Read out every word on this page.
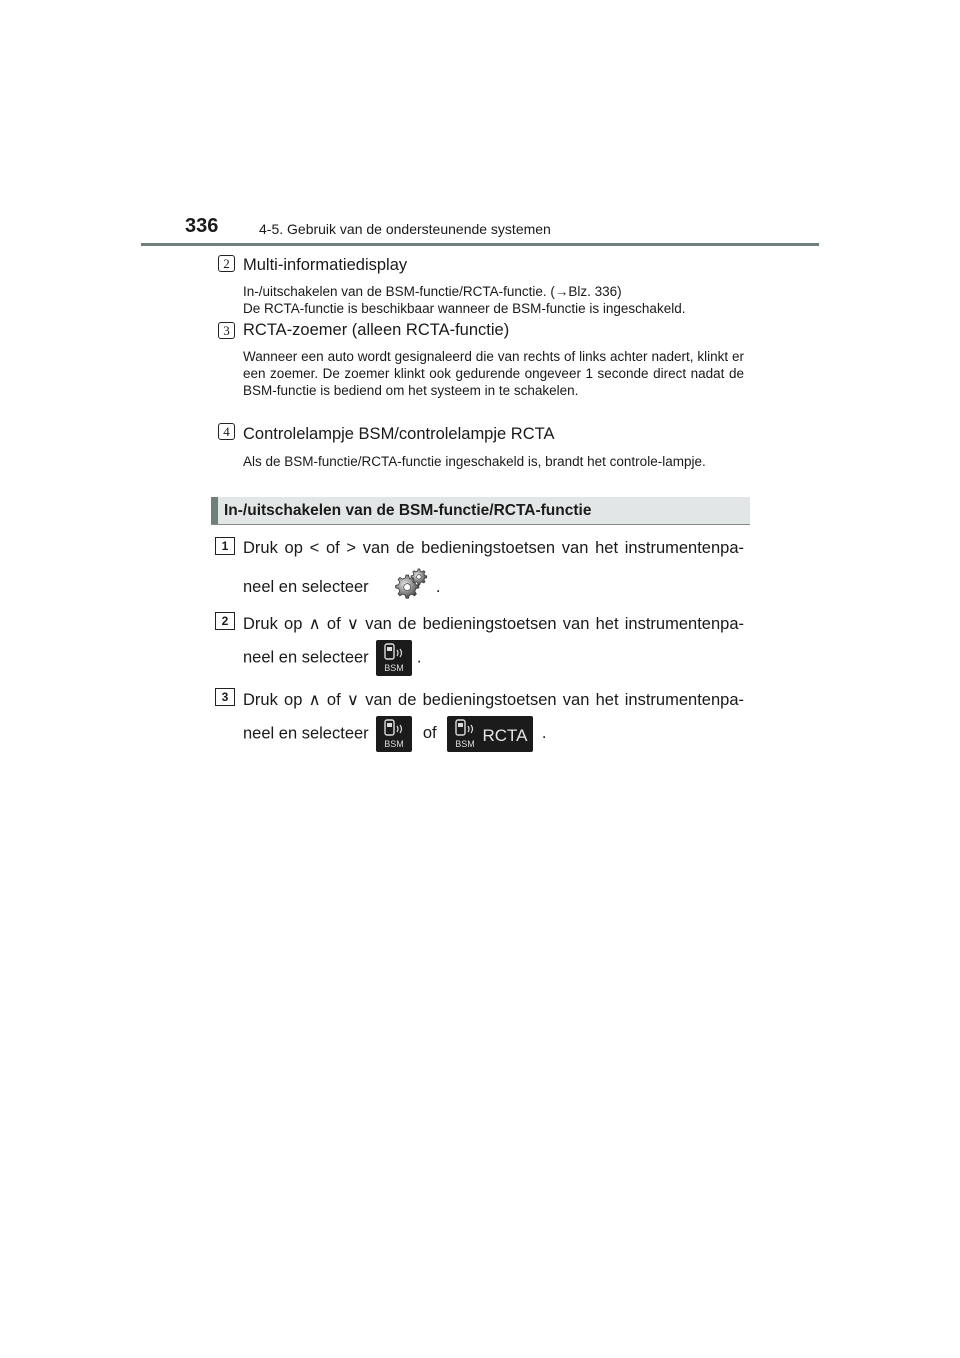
336	4-5. Gebruik van de ondersteunende systemen
2 Multi-informatiedisplay

In-/uitschakelen van de BSM-functie/RCTA-functie. (→Blz. 336)

De RCTA-functie is beschikbaar wanneer de BSM-functie is ingeschakeld.

3 RCTA-zoemer (alleen RCTA-functie)

Wanneer een auto wordt gesignaleerd die van rechts of links achter nadert, klinkt er een zoemer. De zoemer klinkt ook gedurende ongeveer 1 seconde direct nadat de BSM-functie is bediend om het systeem in te schakelen.

4 Controlelampje BSM/controlelampje RCTA

Als de BSM-functie/RCTA-functie ingeschakeld is, brandt het controle-lampje.

In-/uitschakelen van de BSM-functie/RCTA-functie
1 Druk op < of > van de bedieningstoetsen van het instrumentenpa-
neel en selecteer	.
2 Druk op ∧ of ∨ van de bedieningstoetsen van het instrumentenpa-
neel en selecteer
BSM
.
3 Druk op ∧ of ∨ van de bedieningstoetsen van het instrumentenpa-
neel en selecteer
BSM
of
BSM RCTA .
